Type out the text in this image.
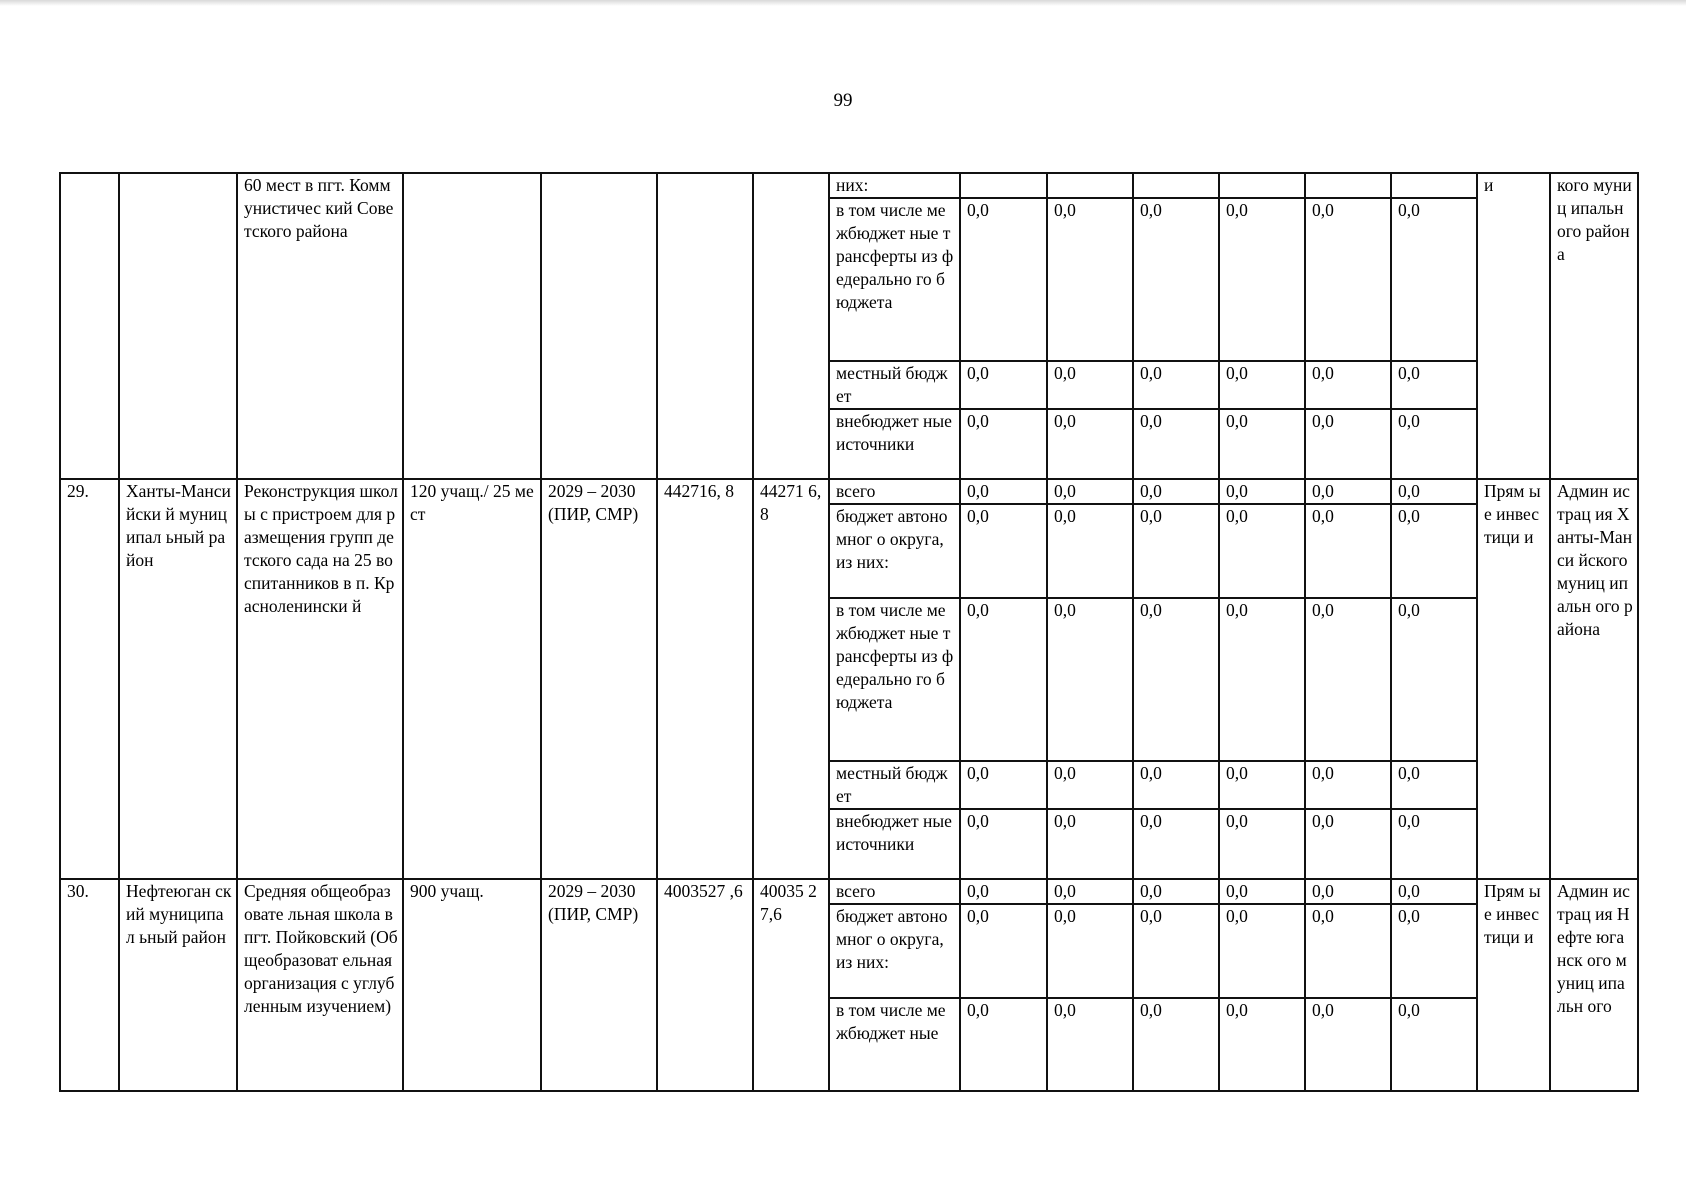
99
		60 мест в пгт. Коммунистичес кий Советского района					них:							и	кого муниц ипальн ого района
							в том числе межбюджет ные трансферты из федерально го бюджета	0,0	0,0	0,0	0,0	0,0	0,0		
							местный бюджет	0,0	0,0	0,0	0,0	0,0	0,0		
							внебюджет ные источники	0,0	0,0	0,0	0,0	0,0	0,0		
29.	Ханты-Мансийски й муниципал ьный район	Реконструкция школы с пристроем для размещения групп детского сада на 25 воспитанников в п. Красноленински й	120 учащ./ 25 мест	2029 – 2030 (ПИР, СМР)	442716, 8	44271 6,8	всего	0,0	0,0	0,0	0,0	0,0	0,0	Прям ые инвес тици и	Админ истрац ия Ханты-Манси йского муниц ипальн ого района
							бюджет автономног о округа, из них:	0,0	0,0	0,0	0,0	0,0	0,0		
							в том числе межбюджет ные трансферты из федерально го бюджета	0,0	0,0	0,0	0,0	0,0	0,0		
							местный бюджет	0,0	0,0	0,0	0,0	0,0	0,0		
							внебюджет ные источники	0,0	0,0	0,0	0,0	0,0	0,0		
30.	Нефтеюган ский муниципал ьный район	Средняя общеобразовате льная школа в пгт. Пойковский (Общеобразоват ельная организация с углубленным изучением)	900 учащ.	2029 – 2030 (ПИР, СМР)	4003527 ,6	40035 27,6	всего	0,0	0,0	0,0	0,0	0,0	0,0	Прям ые инвес тици и	Админ истрац ия Нефте юганск ого муниц ипальн ого
							бюджет автономног о округа, из них:	0,0	0,0	0,0	0,0	0,0	0,0		
							в том числе межбюджет ные	0,0	0,0	0,0	0,0	0,0	0,0		
